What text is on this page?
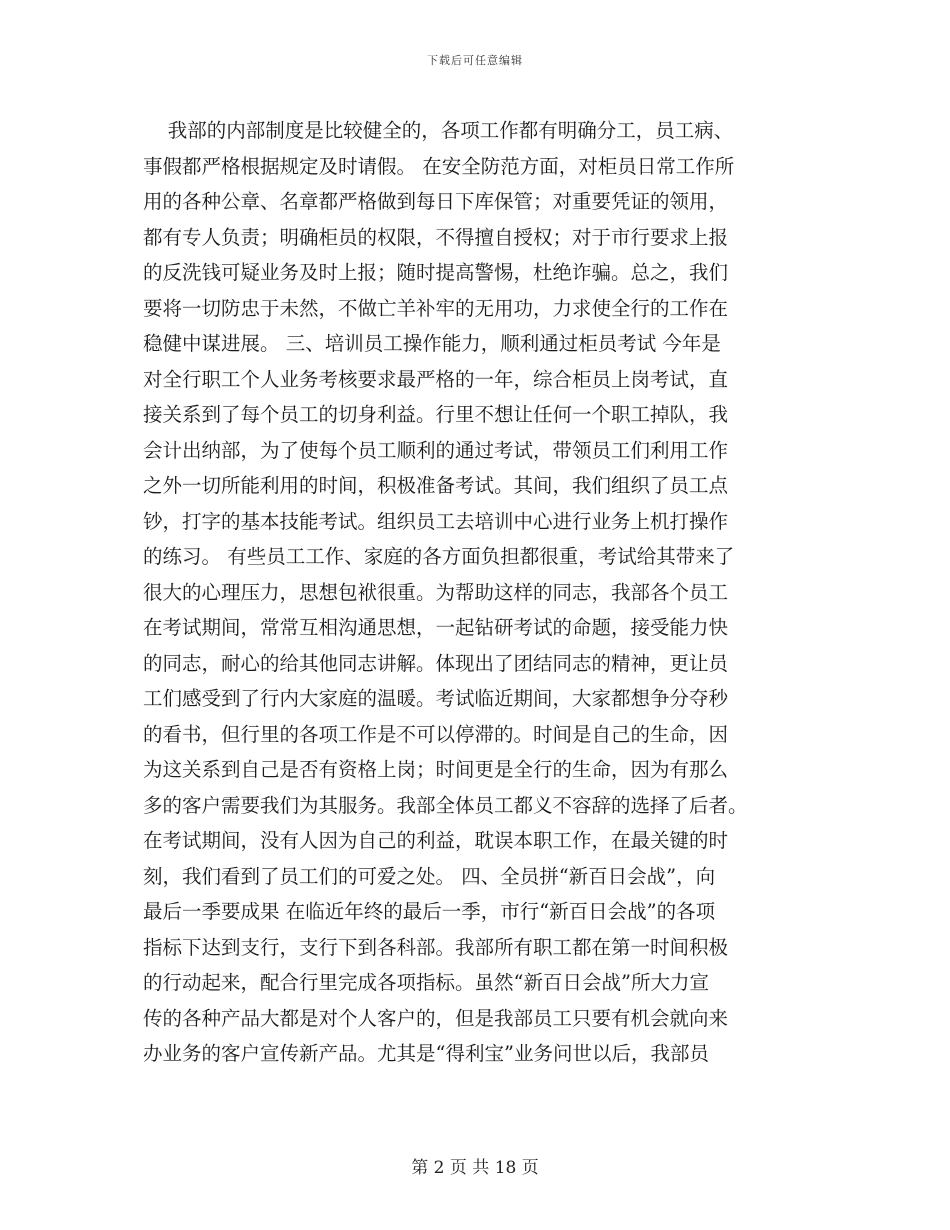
下载后可任意编辑
我部的内部制度是比较健全的，各项工作都有明确分工，员工病、
事假都严格根据规定及时请假。 在安全防范方面，对柜员日常工作所
用的各种公章、名章都严格做到每日下库保管；对重要凭证的领用，
都有专人负责；明确柜员的权限，不得擅自授权；对于市行要求上报
的反洗钱可疑业务及时上报；随时提高警惕，杜绝诈骗。总之，我们
要将一切防忠于未然，不做亡羊补牢的无用功，力求使全行的工作在
稳健中谋进展。 三、培训员工操作能力，顺利通过柜员考试 今年是
对全行职工个人业务考核要求最严格的一年，综合柜员上岗考试，直
接关系到了每个员工的切身利益。行里不想让任何一个职工掉队，我
会计出纳部，为了使每个员工顺利的通过考试，带领员工们利用工作
之外一切所能利用的时间，积极准备考试。其间，我们组织了员工点
钞，打字的基本技能考试。组织员工去培训中心进行业务上机打操作
的练习。 有些员工工作、家庭的各方面负担都很重，考试给其带来了
很大的心理压力，思想包袱很重。为帮助这样的同志，我部各个员工
在考试期间，常常互相沟通思想，一起钻研考试的命题，接受能力快
的同志，耐心的给其他同志讲解。体现出了团结同志的精神，更让员
工们感受到了行内大家庭的温暖。考试临近期间，大家都想争分夺秒
的看书，但行里的各项工作是不可以停滞的。时间是自己的生命，因
为这关系到自己是否有资格上岗；时间更是全行的生命，因为有那么
多的客户需要我们为其服务。我部全体员工都义不容辞的选择了后者。
在考试期间，没有人因为自己的利益，耽误本职工作，在最关键的时
刻，我们看到了员工们的可爱之处。 四、全员拼“新百日会战”，向
最后一季要成果 在临近年终的最后一季，市行“新百日会战”的各项
指标下达到支行，支行下到各科部。我部所有职工都在第一时间积极
的行动起来，配合行里完成各项指标。虽然“新百日会战”所大力宣
传的各种产品大都是对个人客户的，但是我部员工只要有机会就向来
办业务的客户宣传新产品。尤其是“得利宝”业务问世以后，我部员
第 2 页 共 18 页
